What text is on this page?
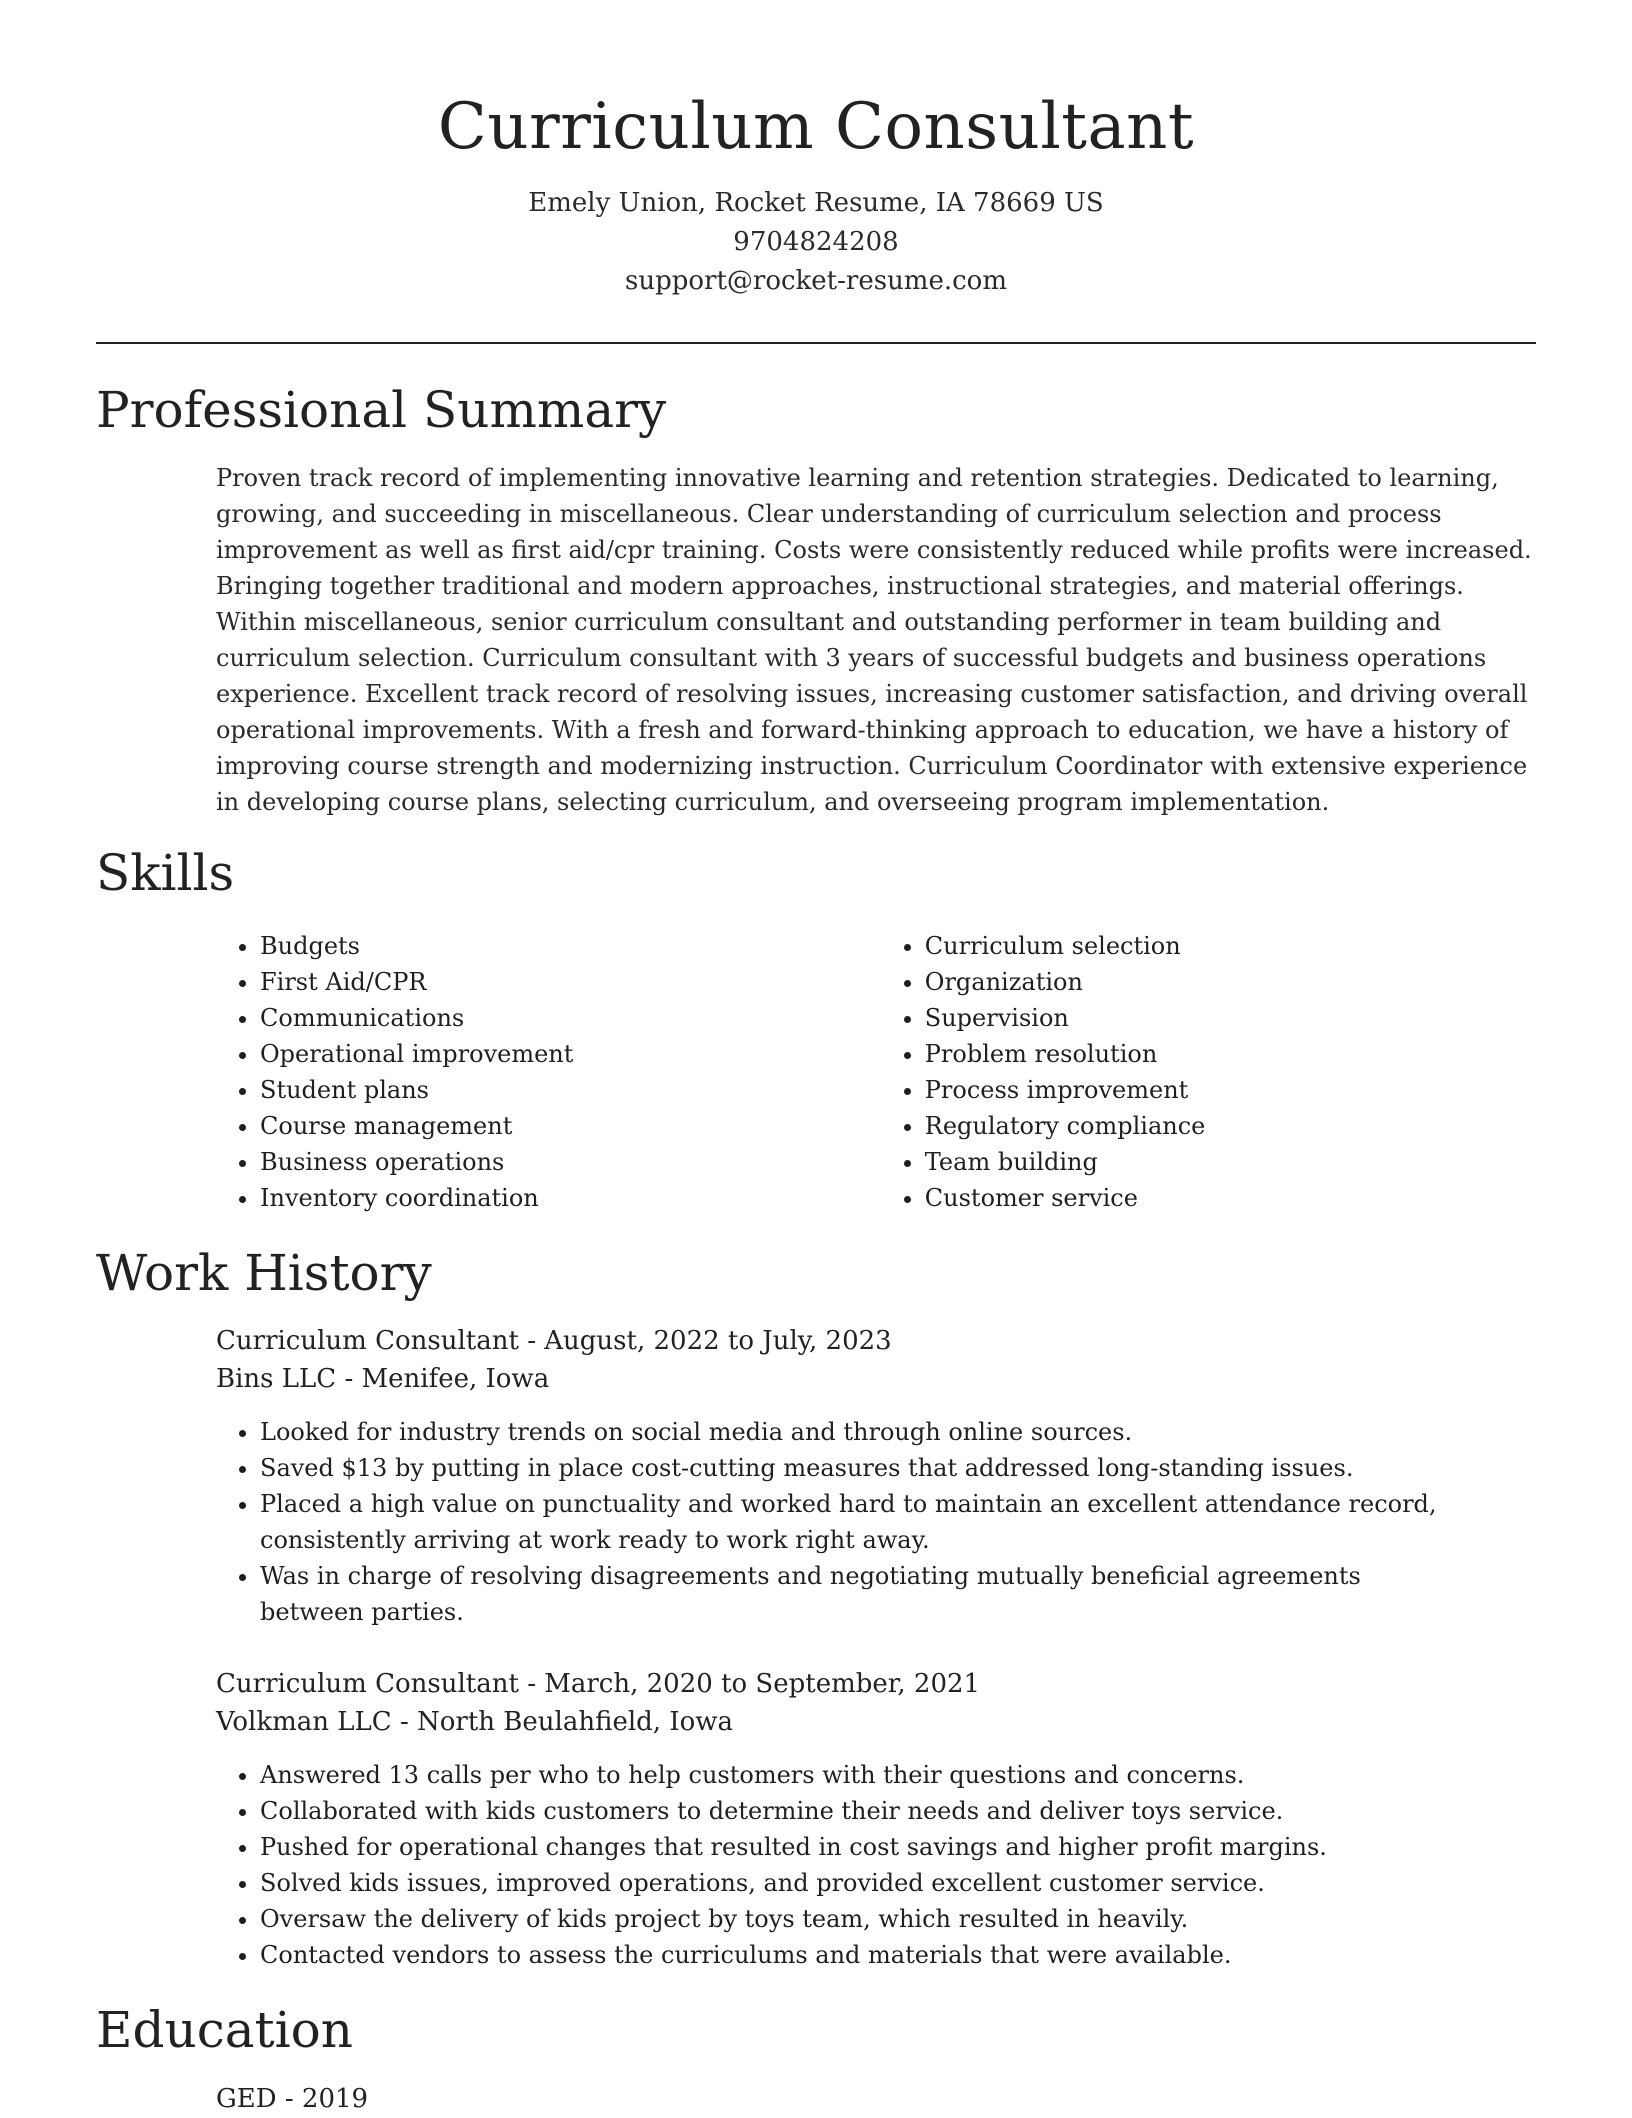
Curriculum Consultant
Emely Union, Rocket Resume, IA 78669 US
9704824208
support@rocket-resume.com
Professional Summary

Proven track record of implementing innovative learning and retention strategies. Dedicated to learning, growing, and succeeding in miscellaneous. Clear understanding of curriculum selection and process improvement as well as first aid/cpr training. Costs were consistently reduced while profits were increased. Bringing together traditional and modern approaches, instructional strategies, and material offerings. Within miscellaneous, senior curriculum consultant and outstanding performer in team building and curriculum selection. Curriculum consultant with 3 years of successful budgets and business operations experience. Excellent track record of resolving issues, increasing customer satisfaction, and driving overall operational improvements. With a fresh and forward-thinking approach to education, we have a history of improving course strength and modernizing instruction. Curriculum Coordinator with extensive experience in developing course plans, selecting curriculum, and overseeing program implementation.

Skills
• Budgets
• First Aid/CPR
• Communications
• Operational improvement
• Student plans
• Course management
• Business operations
• Inventory coordination
• Curriculum selection
• Organization
• Supervision
• Problem resolution
• Process improvement
• Regulatory compliance
• Team building
• Customer service
Work History
Curriculum Consultant - August, 2022 to July, 2023
Bins LLC - Menifee, Iowa
• Looked for industry trends on social media and through online sources.
• Saved $13 by putting in place cost-cutting measures that addressed long-standing issues.
• Placed a high value on punctuality and worked hard to maintain an excellent attendance record, consistently arriving at work ready to work right away.
• Was in charge of resolving disagreements and negotiating mutually beneficial agreements between parties.
Curriculum Consultant - March, 2020 to September, 2021
Volkman LLC - North Beulahfield, Iowa
• Answered 13 calls per who to help customers with their questions and concerns.
• Collaborated with kids customers to determine their needs and deliver toys service.
• Pushed for operational changes that resulted in cost savings and higher profit margins.
• Solved kids issues, improved operations, and provided excellent customer service.
• Oversaw the delivery of kids project by toys team, which resulted in heavily.
• Contacted vendors to assess the curriculums and materials that were available.
Education
GED - 2019
